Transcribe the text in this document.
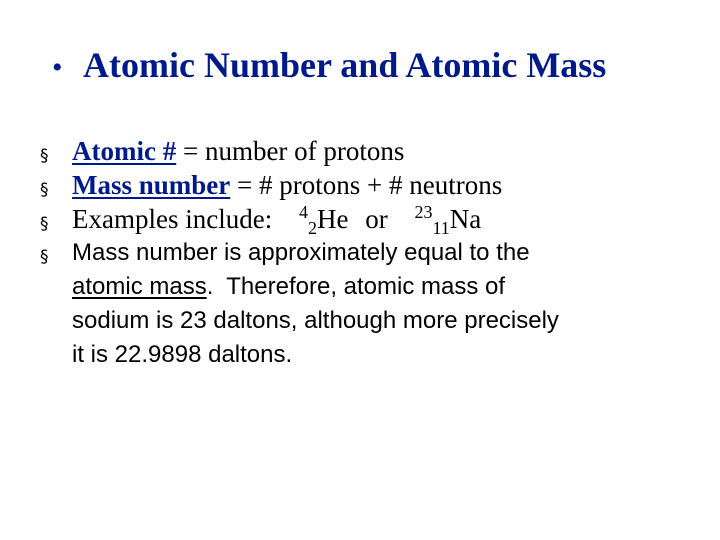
• Atomic Number and Atomic Mass
§ Atomic # = number of protons
§ Mass number = # protons + # neutrons
§ Examples include: $^4_2$He or $^{23}_{11}$Na
§ Mass number is approximately equal to the
atomic mass.  Therefore, atomic mass of
sodium is 23 daltons, although more precisely
it is 22.9898 daltons.
